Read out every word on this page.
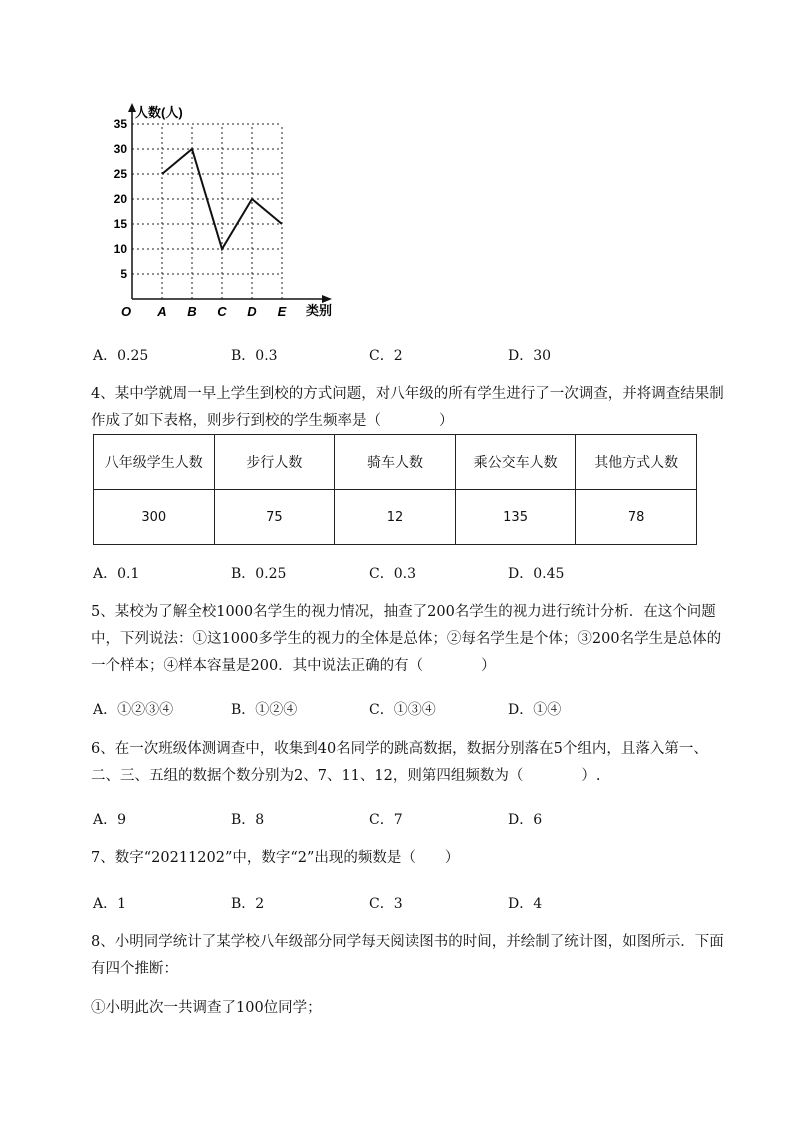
5
10
15
20
25
30
35
A B C D E
人数(人)
类别
O
A．0.25	B．0.3	C．2	D．30

4、某中学就周一早上学生到校的方式问题，对八年级的所有学生进行了一次调查，并将调查结果制

作成了如下表格，则步行到校的学生频率是（　　　　）

八年级学生人数	步行人数	骑车人数	乘公交车人数	其他方式人数
300	75	12	135	78
A．0.1	B．0.25	C．0.3	D．0.45

5、某校为了解全校1000名学生的视力情况，抽查了200名学生的视力进行统计分析．在这个问题

中，下列说法：①这1000多学生的视力的全体是总体；②每名学生是个体；③200名学生是总体的

一个样本；④样本容量是200．其中说法正确的有（　　　　）

A．①②③④	B．①②④	C．①③④	D．①④

6、在一次班级体测调查中，收集到40名同学的跳高数据，数据分别落在5个组内，且落入第一、

二、三、五组的数据个数分别为2、7、11、12，则第四组频数为（　　　　）.

A．9	B．8	C．7	D．6

7、数字“20211202”中，数字“2”出现的频数是（　　）

A．1	B．2	C．3	D．4

8、小明同学统计了某学校八年级部分同学每天阅读图书的时间，并绘制了统计图，如图所示．下面

有四个推断：

①小明此次一共调查了100位同学；
